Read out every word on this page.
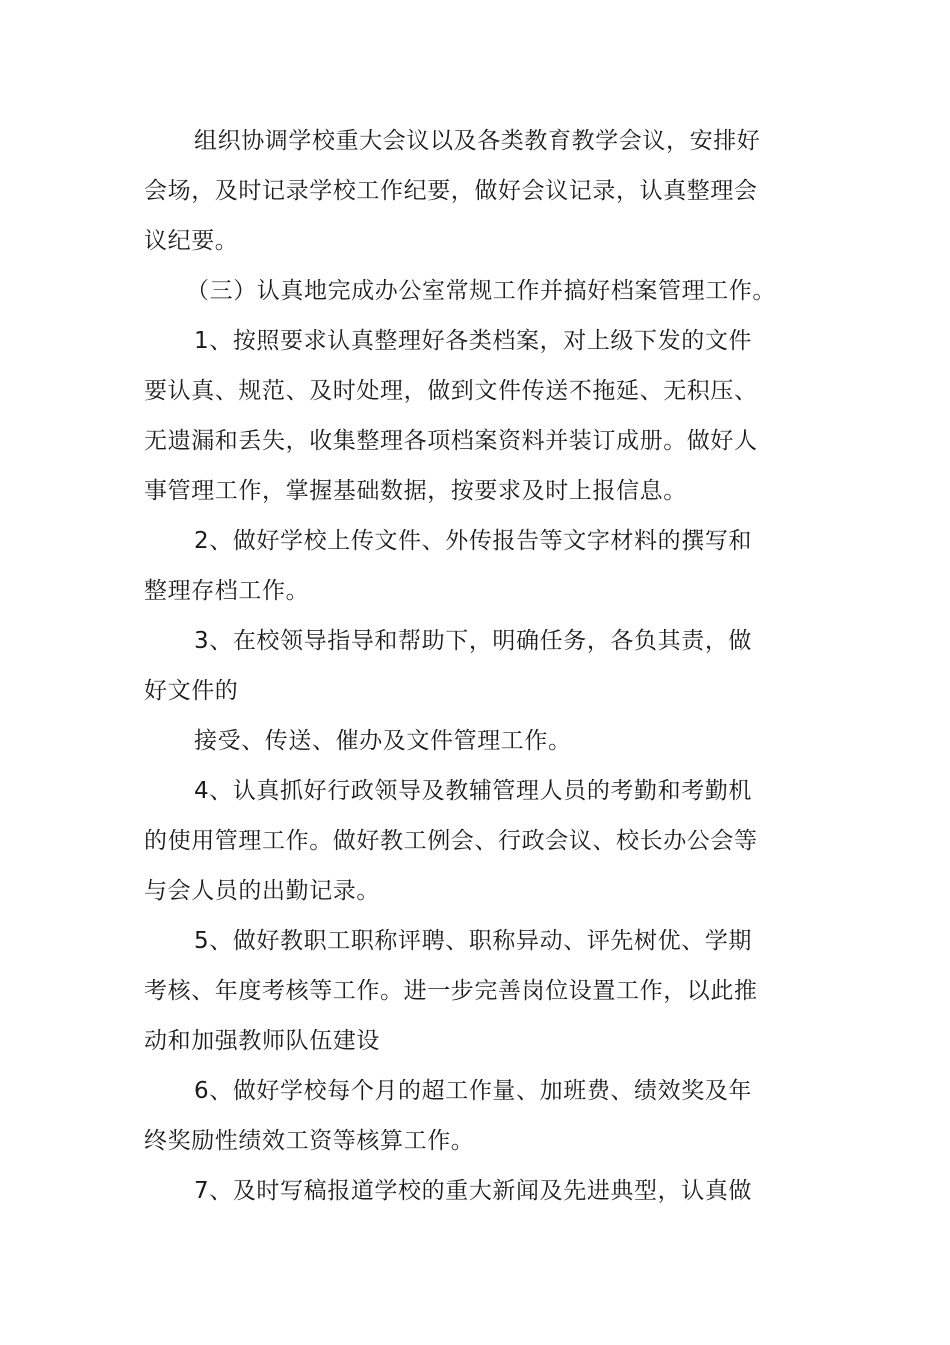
组织协调学校重大会议以及各类教育教学会议，安排好

会场，及时记录学校工作纪要，做好会议记录，认真整理会

议纪要。

（三）认真地完成办公室常规工作并搞好档案管理工作。

1、按照要求认真整理好各类档案，对上级下发的文件

要认真、规范、及时处理，做到文件传送不拖延、无积压、

无遗漏和丢失，收集整理各项档案资料并装订成册。做好人

事管理工作，掌握基础数据，按要求及时上报信息。

2、做好学校上传文件、外传报告等文字材料的撰写和

整理存档工作。

3、在校领导指导和帮助下，明确任务，各负其责，做

好文件的

接受、传送、催办及文件管理工作。

4、认真抓好行政领导及教辅管理人员的考勤和考勤机

的使用管理工作。做好教工例会、行政会议、校长办公会等

与会人员的出勤记录。

5、做好教职工职称评聘、职称异动、评先树优、学期

考核、年度考核等工作。进一步完善岗位设置工作，以此推

动和加强教师队伍建设

6、做好学校每个月的超工作量、加班费、绩效奖及年

终奖励性绩效工资等核算工作。

7、及时写稿报道学校的重大新闻及先进典型，认真做
